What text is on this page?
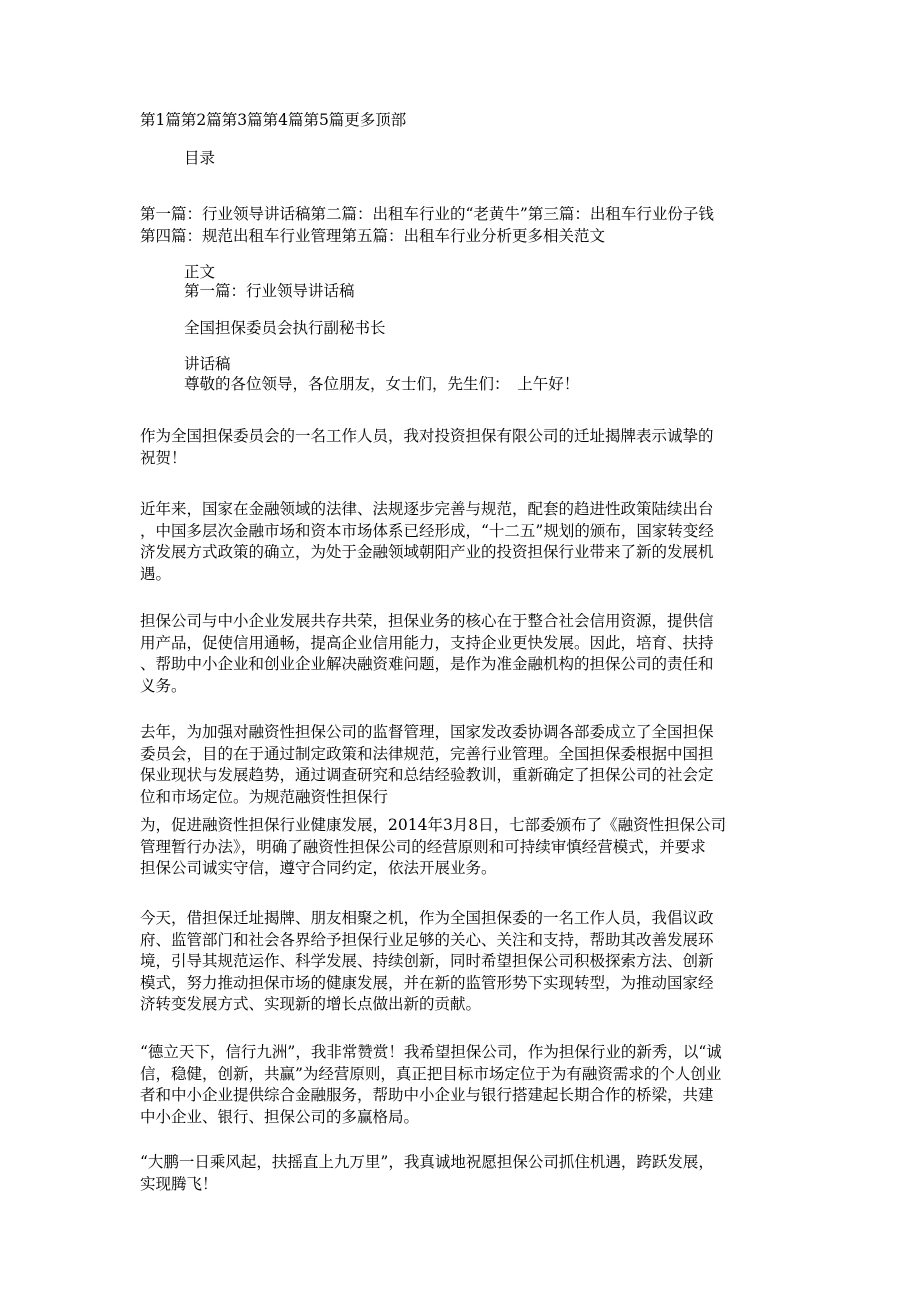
第1篇第2篇第3篇第4篇第5篇更多顶部
目录
第一篇：行业领导讲话稿第二篇：出租车行业的“老黄牛”第三篇：出租车行业份子钱
第四篇：规范出租车行业管理第五篇：出租车行业分析更多相关范文
正文
第一篇：行业领导讲话稿
全国担保委员会执行副秘书长
讲话稿
尊敬的各位领导，各位朋友，女士们，先生们：　上午好！
作为全国担保委员会的一名工作人员，我对投资担保有限公司的迁址揭牌表示诚挚的
祝贺！
近年来，国家在金融领域的法律、法规逐步完善与规范，配套的趋进性政策陆续出台
，中国多层次金融市场和资本市场体系已经形成，“十二五”规划的颁布，国家转变经
济发展方式政策的确立，为处于金融领域朝阳产业的投资担保行业带来了新的发展机
遇。
担保公司与中小企业发展共存共荣，担保业务的核心在于整合社会信用资源，提供信
用产品，促使信用通畅，提高企业信用能力，支持企业更快发展。因此，培育、扶持
、帮助中小企业和创业企业解决融资难问题，是作为准金融机构的担保公司的责任和
义务。
去年，为加强对融资性担保公司的监督管理，国家发改委协调各部委成立了全国担保
委员会，目的在于通过制定政策和法律规范，完善行业管理。全国担保委根据中国担
保业现状与发展趋势，通过调查研究和总结经验教训，重新确定了担保公司的社会定
位和市场定位。为规范融资性担保行
为，促进融资性担保行业健康发展，2014年3月8日，七部委颁布了《融资性担保公司
管理暂行办法》，明确了融资性担保公司的经营原则和可持续审慎经营模式，并要求
担保公司诚实守信，遵守合同约定，依法开展业务。
今天，借担保迁址揭牌、朋友相聚之机，作为全国担保委的一名工作人员，我倡议政
府、监管部门和社会各界给予担保行业足够的关心、关注和支持，帮助其改善发展环
境，引导其规范运作、科学发展、持续创新，同时希望担保公司积极探索方法、创新
模式，努力推动担保市场的健康发展，并在新的监管形势下实现转型，为推动国家经
济转变发展方式、实现新的增长点做出新的贡献。
“德立天下，信行九洲”，我非常赞赏！我希望担保公司，作为担保行业的新秀，以“诚
信，稳健，创新，共赢”为经营原则，真正把目标市场定位于为有融资需求的个人创业
者和中小企业提供综合金融服务，帮助中小企业与银行搭建起长期合作的桥梁，共建
中小企业、银行、担保公司的多赢格局。
“大鹏一日乘风起，扶摇直上九万里”，我真诚地祝愿担保公司抓住机遇，跨跃发展，
实现腾飞！
